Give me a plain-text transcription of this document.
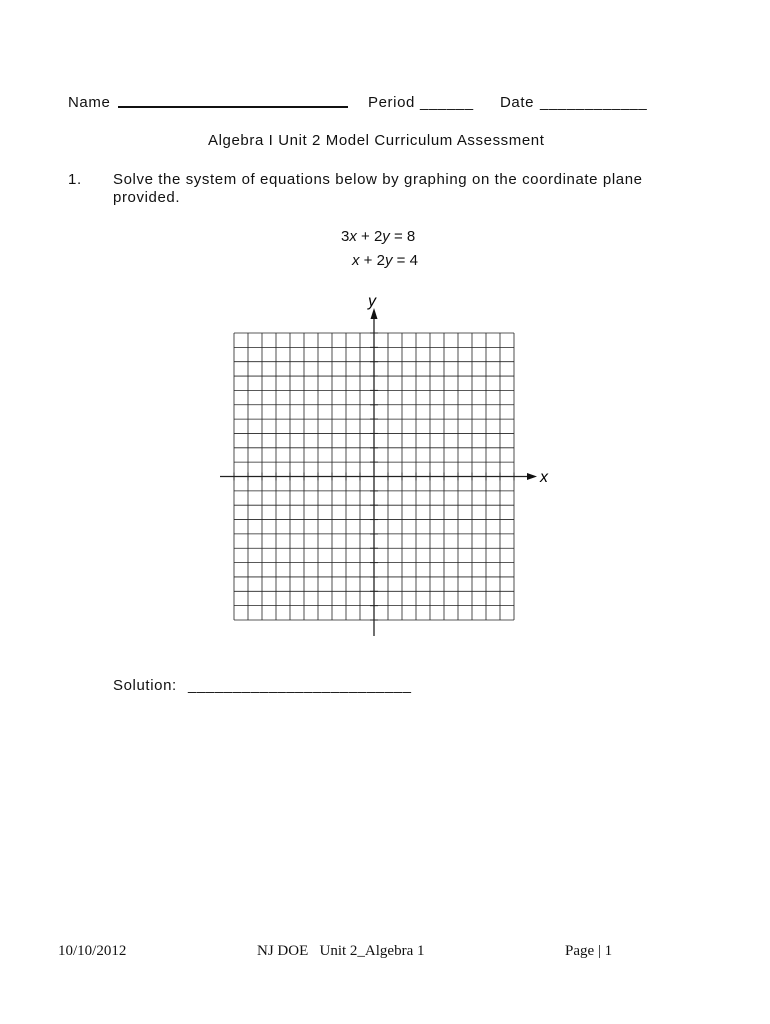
Name	Period ______ Date ____________
Algebra I Unit 2 Model Curriculum Assessment
1. Solve the system of equations below by graphing on the coordinate plane
provided.
3x + 2y = 8
x + 2y = 4
y
x
Solution: _________________________
10/10/2012	NJ DOE   Unit 2_Algebra 1	Page | 1
